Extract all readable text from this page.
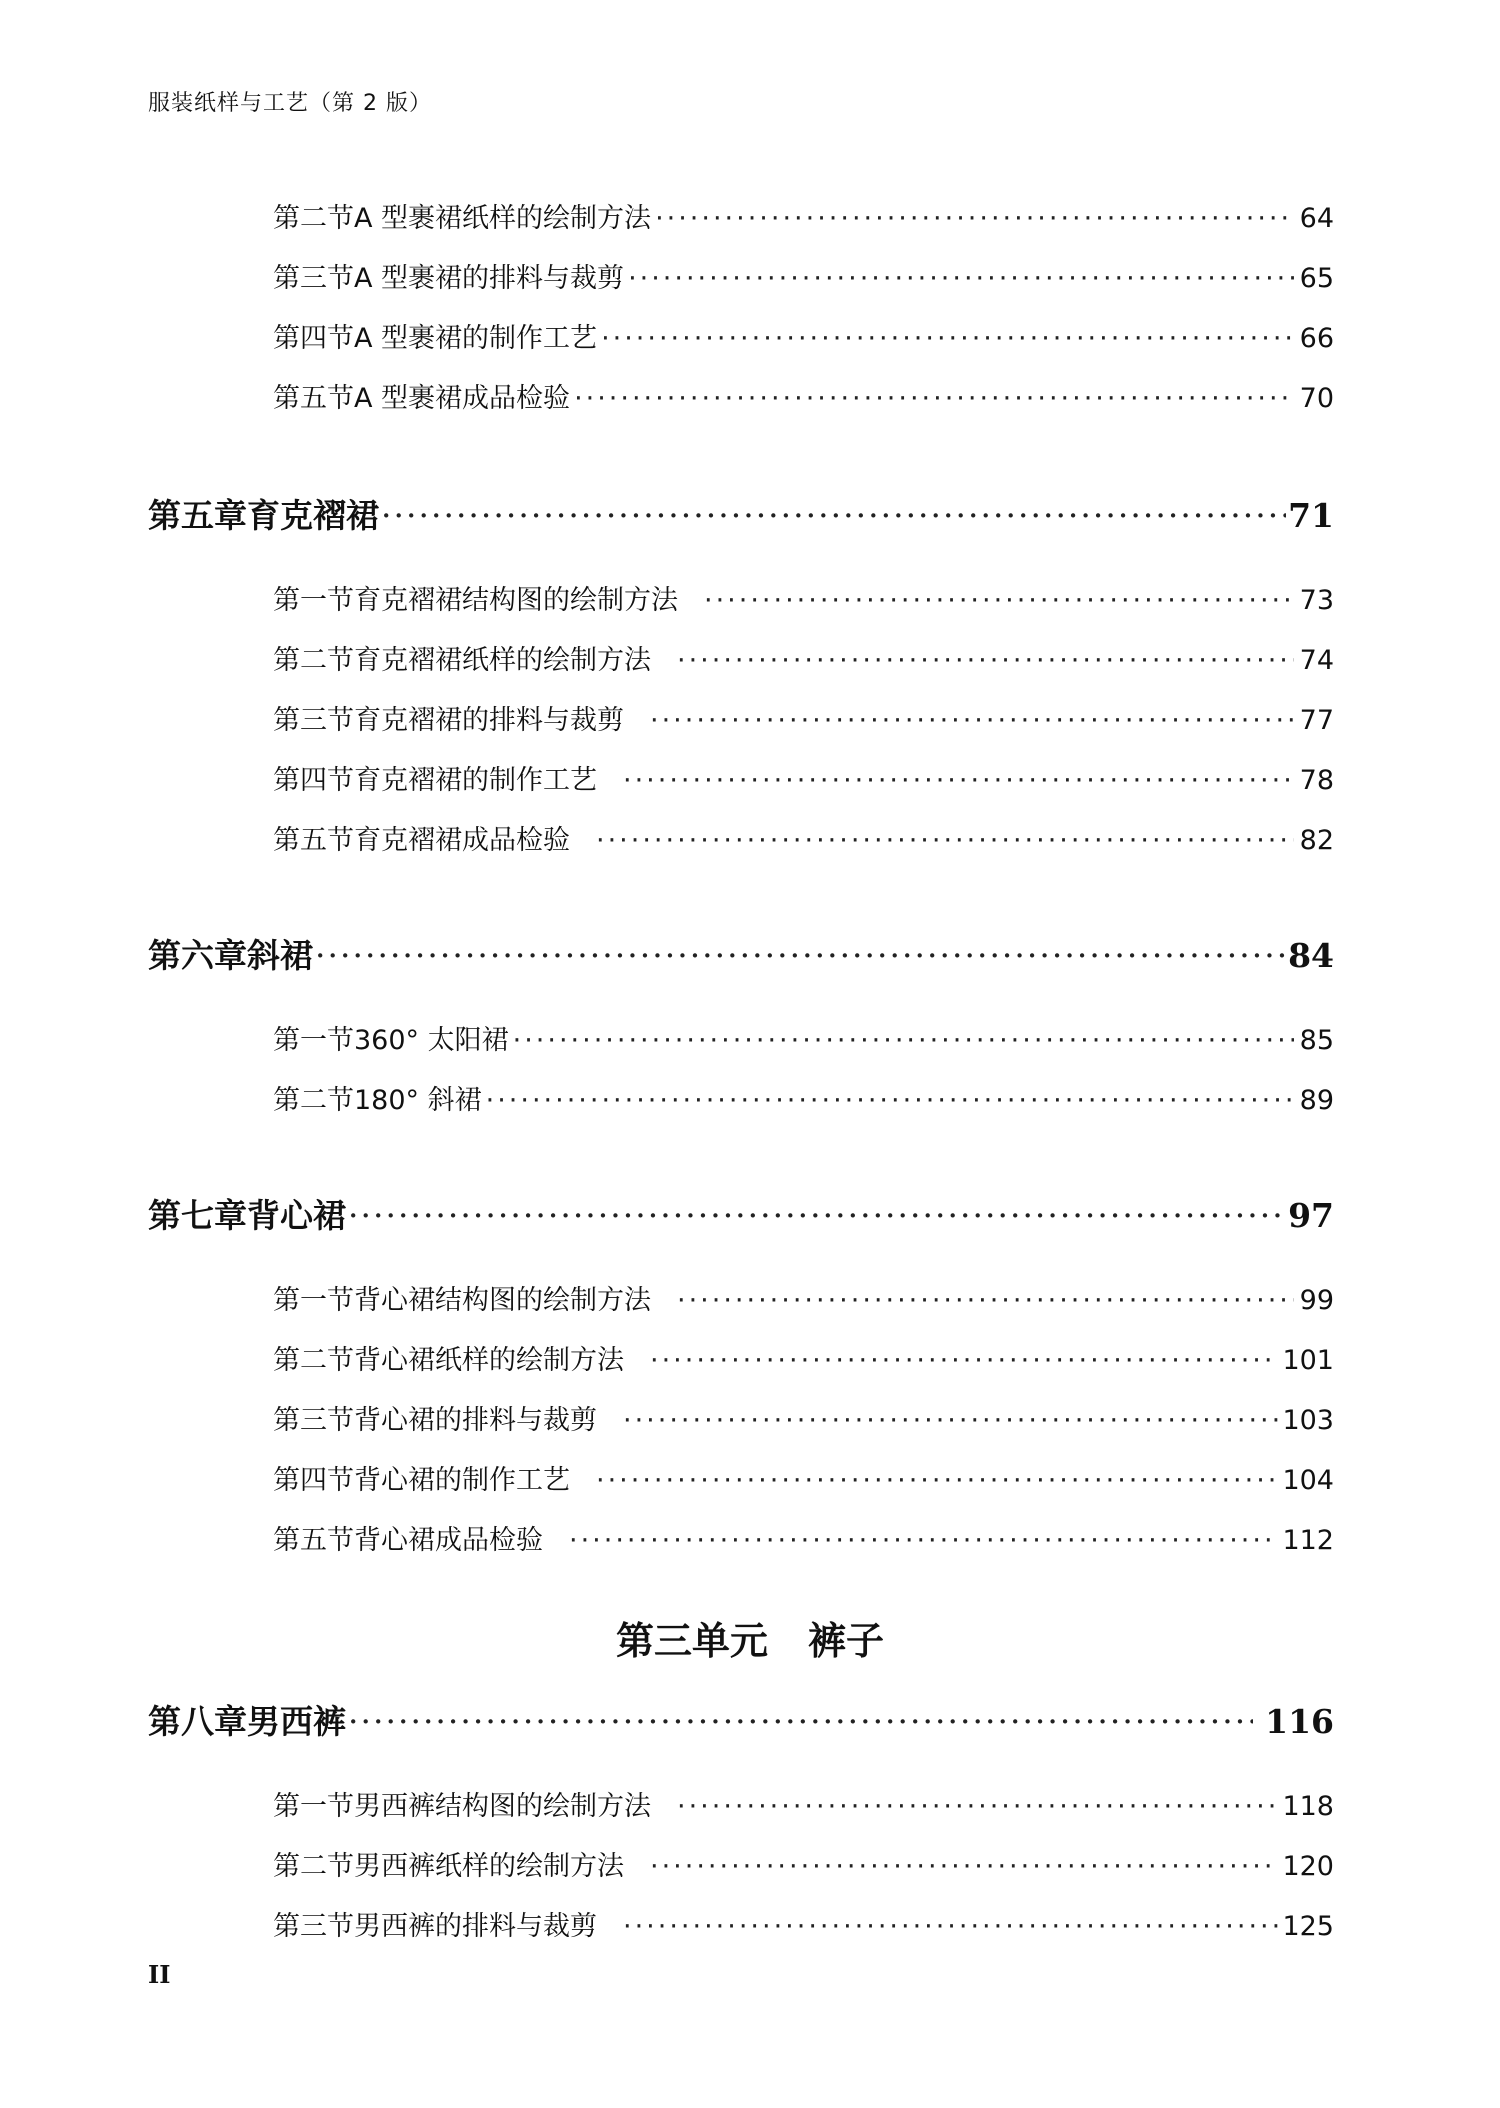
服装纸样与工艺（第 2 版）
第二节 A 型裹裙纸样的绘制方法 ·····	64
第三节 A 型裹裙的排料与裁剪 ·····	65
第四节 A 型裹裙的制作工艺 ·····	66
第五节 A 型裹裙成品检验 ·····	70
第五章 育克褶裙 ·····	71
第一节 育克褶裙结构图的绘制方法 ·····	73
第二节 育克褶裙纸样的绘制方法 ·····	74
第三节 育克褶裙的排料与裁剪 ·····	77
第四节 育克褶裙的制作工艺 ·····	78
第五节 育克褶裙成品检验 ·····	82
第六章 斜裙 ·····	84
第一节 360° 太阳裙 ·····	85
第二节 180° 斜裙 ·····	89
第七章 背心裙 ·····	97
第一节 背心裙结构图的绘制方法 ·····	99
第二节 背心裙纸样的绘制方法 ·····	101
第三节 背心裙的排料与裁剪 ·····	103
第四节 背心裙的制作工艺 ·····	104
第五节 背心裙成品检验 ·····	112
第三单元 裤子
第八章 男西裤 ·····	116
第一节 男西裤结构图的绘制方法 ·····	118
第二节 男西裤纸样的绘制方法 ·····	120
第三节 男西裤的排料与裁剪 ·····	125
II
